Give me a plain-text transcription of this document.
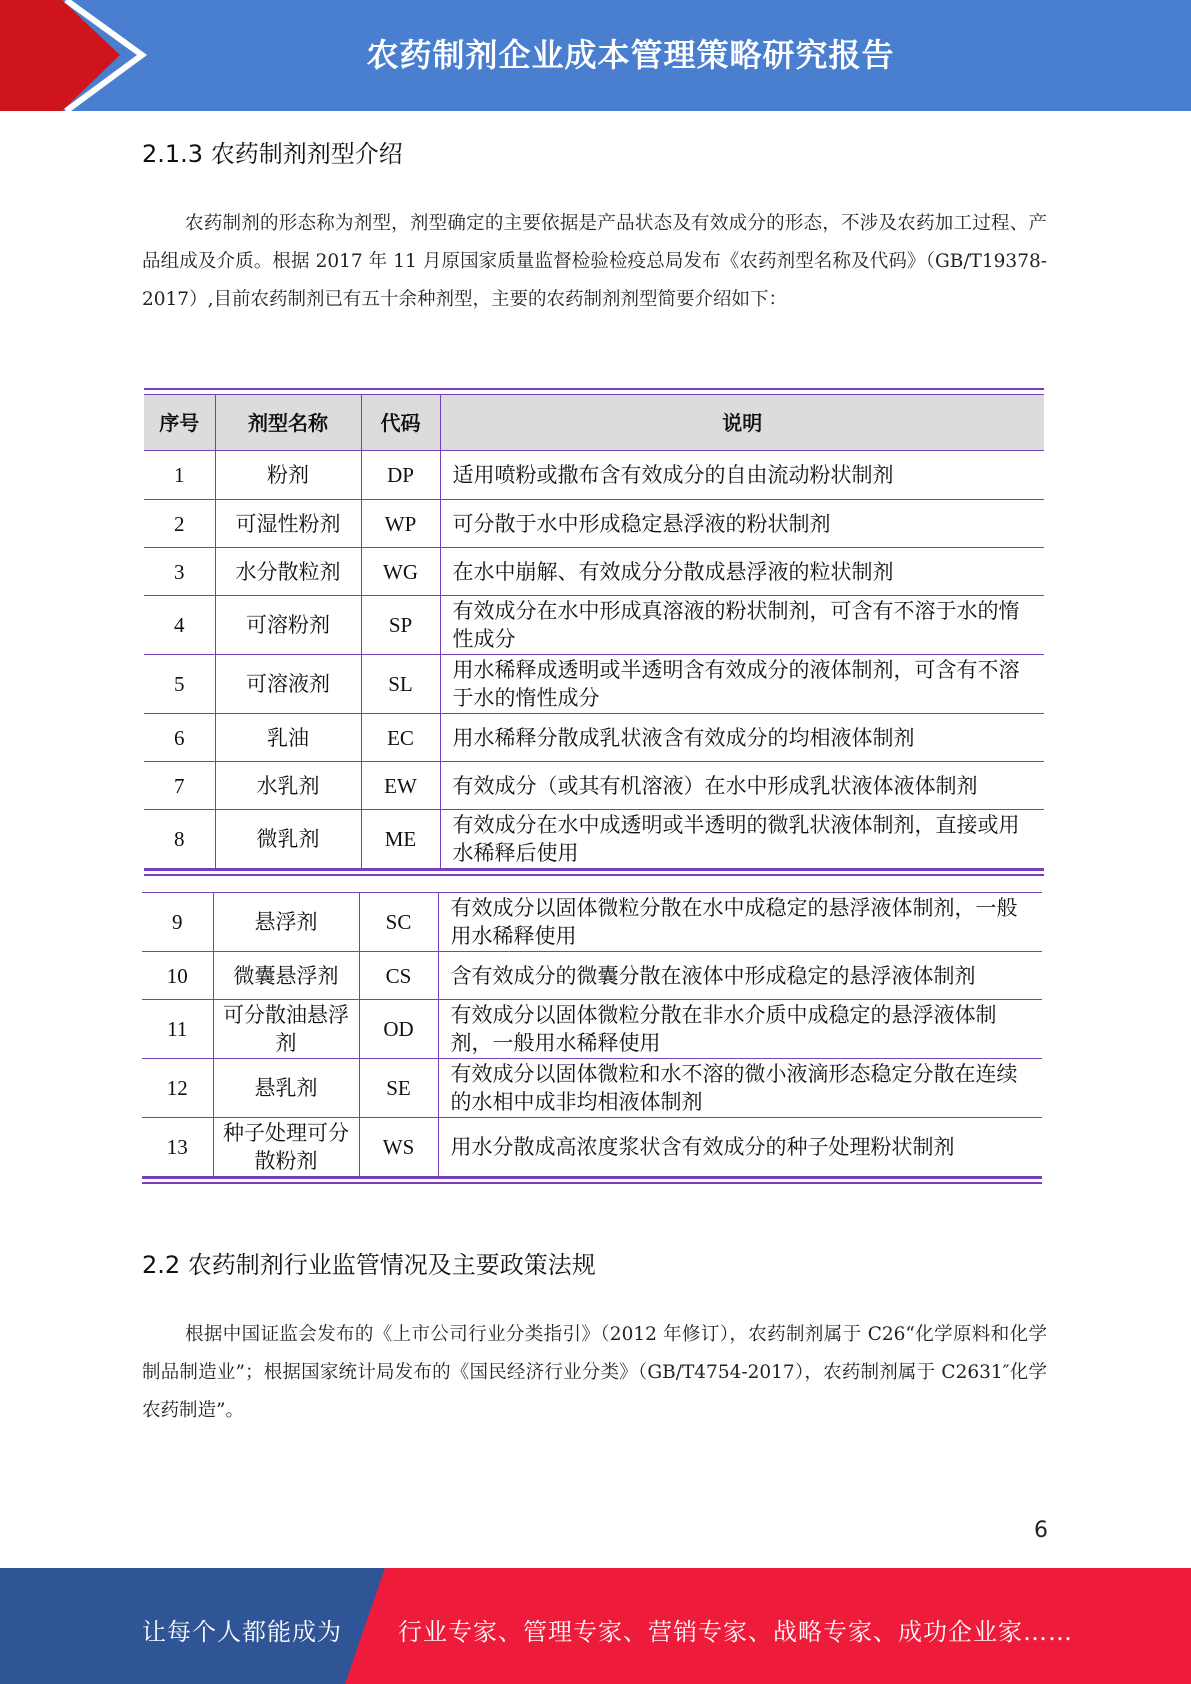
农药制剂企业成本管理策略研究报告
2.1.3 农药制剂剂型介绍
农药制剂的形态称为剂型，剂型确定的主要依据是产品状态及有效成分的形态，不涉及农药加工过程、产品组成及介质。根据 2017 年 11 月原国家质量监督检验检疫总局发布《农药剂型名称及代码》（GB/T19378-2017）,目前农药制剂已有五十余种剂型，主要的农药制剂剂型简要介绍如下：
序号	剂型名称	代码	说明
1	粉剂	DP	适用喷粉或撒布含有效成分的自由流动粉状制剂
2	可湿性粉剂	WP	可分散于水中形成稳定悬浮液的粉状制剂
3	水分散粒剂	WG	在水中崩解、有效成分分散成悬浮液的粒状制剂
4	可溶粉剂	SP	有效成分在水中形成真溶液的粉状制剂，可含有不溶于水的惰性成分
5	可溶液剂	SL	用水稀释成透明或半透明含有效成分的液体制剂，可含有不溶于水的惰性成分
6	乳油	EC	用水稀释分散成乳状液含有效成分的均相液体制剂
7	水乳剂	EW	有效成分（或其有机溶液）在水中形成乳状液体液体制剂
8	微乳剂	ME	有效成分在水中成透明或半透明的微乳状液体制剂，直接或用水稀释后使用
9	悬浮剂	SC	有效成分以固体微粒分散在水中成稳定的悬浮液体制剂，一般用水稀释使用
10	微囊悬浮剂	CS	含有效成分的微囊分散在液体中形成稳定的悬浮液体制剂
11	可分散油悬浮剂	OD	有效成分以固体微粒分散在非水介质中成稳定的悬浮液体制剂，一般用水稀释使用
12	悬乳剂	SE	有效成分以固体微粒和水不溶的微小液滴形态稳定分散在连续的水相中成非均相液体制剂
13	种子处理可分散粉剂	WS	用水分散成高浓度浆状含有效成分的种子处理粉状制剂
2.2 农药制剂行业监管情况及主要政策法规
根据中国证监会发布的《上市公司行业分类指引》（2012 年修订），农药制剂属于 C26“化学原料和化学制品制造业”；根据国家统计局发布的《国民经济行业分类》（GB/T4754-2017），农药制剂属于 C2631″化学农药制造”。
6
让每个人都能成为 行业专家、管理专家、营销专家、战略专家、成功企业家……
